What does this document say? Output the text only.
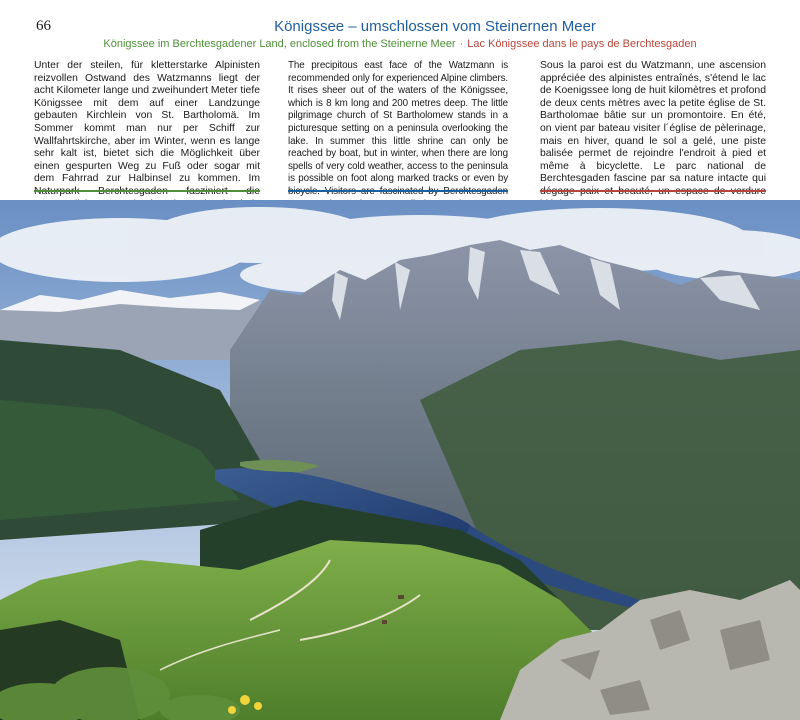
66	Königssee – umschlossen vom Steinernen Meer
Königssee im Berchtesgadener Land, enclosed from the Steinerne Meer · Lac Königssee dans le pays de Berchtesgaden
Unter der steilen, für kletterstarke Alpinisten reizvollen Ostwand des Watzmanns liegt der acht Kilometer lange und zweihundert Meter tiefe Königssee mit dem auf einer Landzunge gebauten Kirchlein von St. Bartholomä. Im Sommer kommt man nur per Schiff zur Wallfahrtskirche, aber im Winter, wenn es lange sehr kalt ist, bietet sich die Möglichkeit über einen gespurten Weg zu Fuß oder sogar mit dem Fahrrad zur Halbinsel zu kommen. Im
The precipitous east face of the Watzmann is recommended only for experienced Alpine climbers. It rises sheer out of the waters of the Königssee, which is 8 km long and 200 metres deep. The little pilgrimage church of St Bartholomew stands in a picturesque setting on a peninsula overlooking the lake. In summer this little shrine can only be reached by boat, but in winter, when there are long spells of very cold weather, access to the peninsula is possible on foot along marked tracks or even by
Sous la paroi est du Watzmann, une ascension appréciée des alpinistes entraînés, s'étend le lac de Koenigssee long de huit kilomètres et profond de deux cents mètres avec la petite église de St. Bartholomae bâtie sur un promontoire. En été, on vient par bateau visiter l´église de pèlerinage, mais en hiver, quand le sol a gelé, une piste balisée permet de rejoindre l'endroit à pied et même à bicyclette. Le parc national de Berchtesgaden fascine par sa nature intacte qui
